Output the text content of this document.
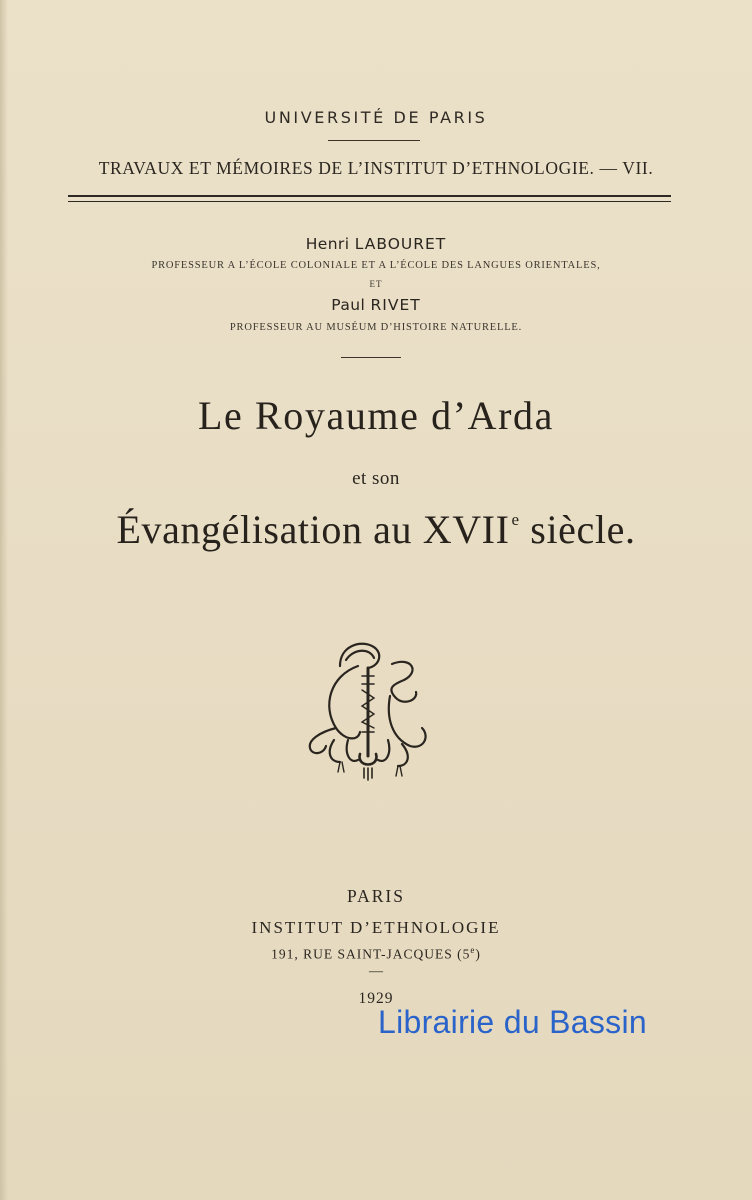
UNIVERSITÉ DE PARIS
TRAVAUX ET MÉMOIRES DE L’INSTITUT D’ETHNOLOGIE. — VII.
Henri LABOURET
PROFESSEUR A L’ÉCOLE COLONIALE ET A L’ÉCOLE DES LANGUES ORIENTALES,
ET
Paul RIVET
PROFESSEUR AU MUSÉUM D’HISTOIRE NATURELLE.
Le Royaume d’Arda
et son
Évangélisation au XVII $^e$ siècle.
PARIS
INSTITUT D’ETHNOLOGIE
191, RUE SAINT-JACQUES (5e)
—
1929
Librairie du Bassin
